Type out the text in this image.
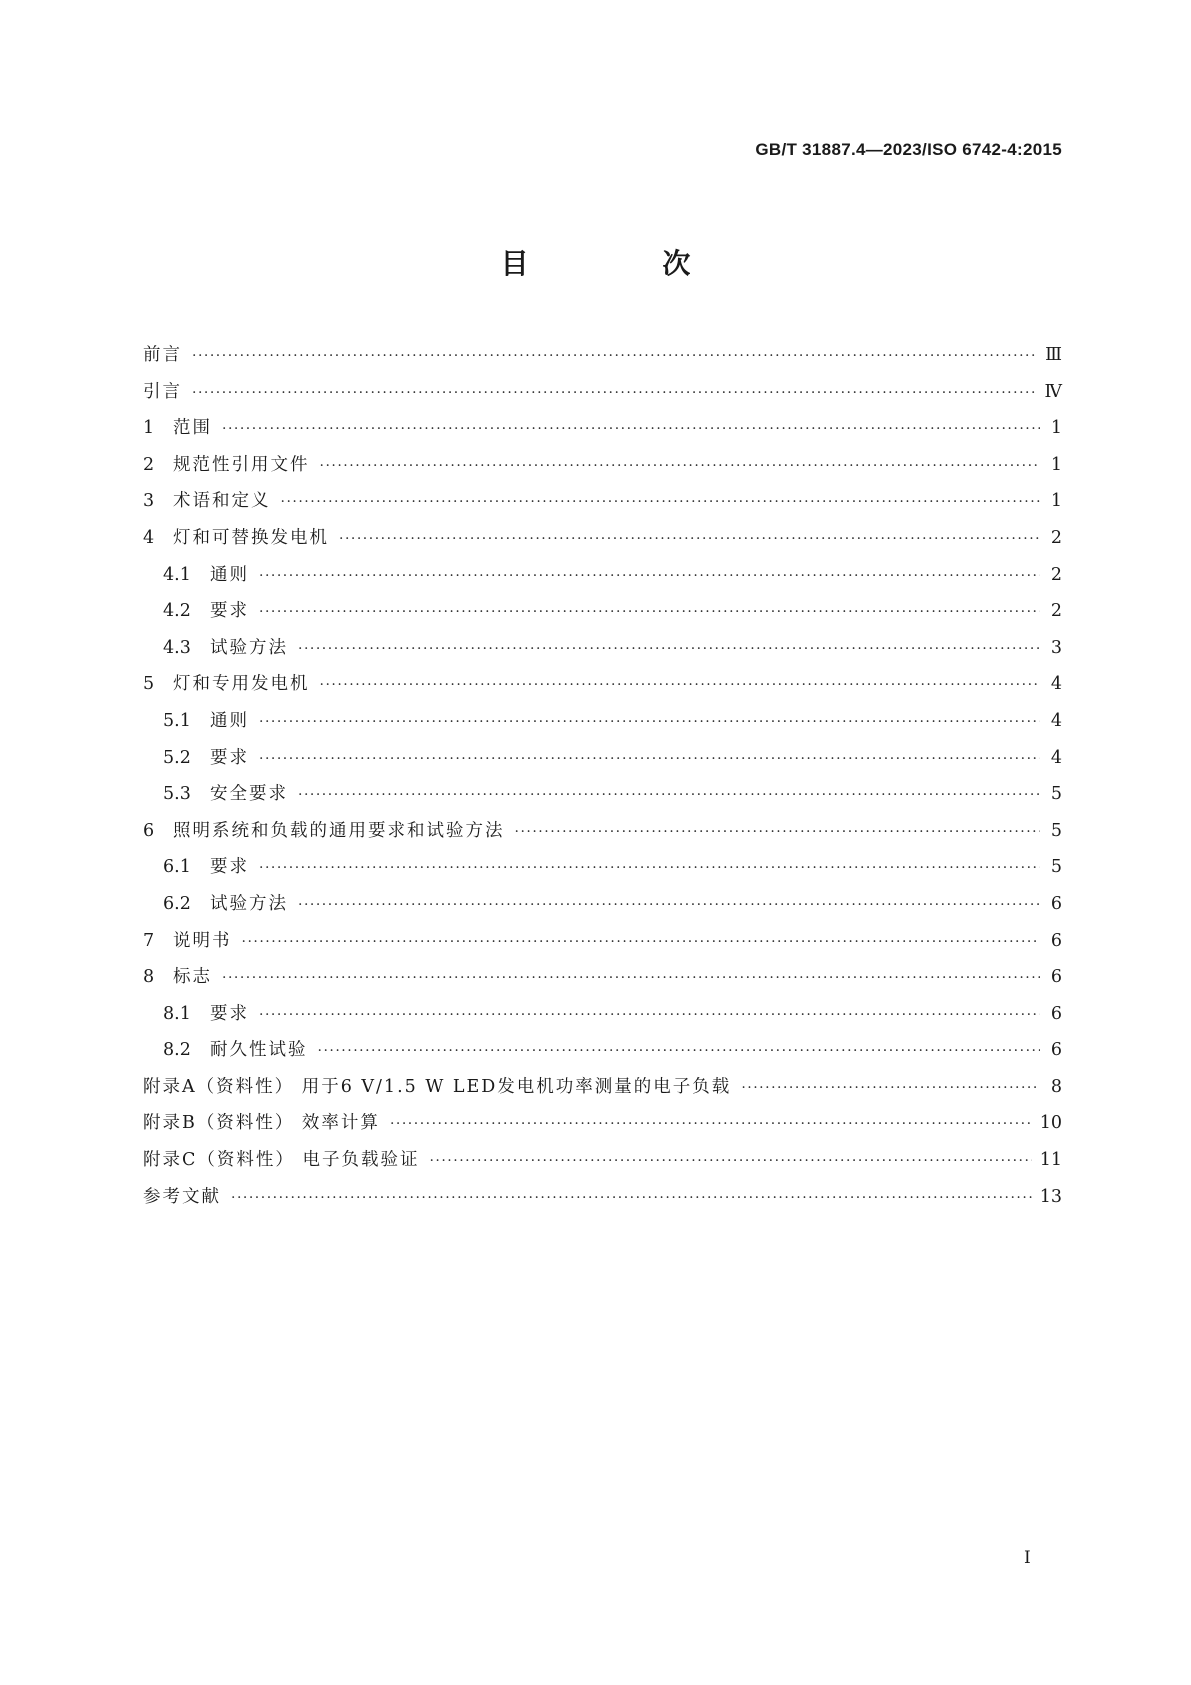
GB/T 31887.4—2023/ISO 6742-4:2015
目 次
前言 ·····	Ⅲ
引言 ·····	Ⅳ
1	范围 ·····	1
2	规范性引用文件 ·····	1
3	术语和定义 ·····	1
4	灯和可替换发电机 ·····	2
4.1	通则 ·····	2
4.2	要求 ·····	2
4.3	试验方法 ·····	3
5	灯和专用发电机 ·····	4
5.1	通则 ·····	4
5.2	要求 ·····	4
5.3	安全要求 ·····	5
6	照明系统和负载的通用要求和试验方法 ·····	5
6.1	要求 ·····	5
6.2	试验方法 ·····	6
7	说明书 ·····	6
8	标志 ·····	6
8.1	要求 ·····	6
8.2	耐久性试验 ·····	6
附录A（资料性） 用于6 V/1.5 W LED发电机功率测量的电子负载 ·····	8
附录B（资料性） 效率计算 ·····	10
附录C（资料性） 电子负载验证 ·····	11
参考文献 ·····	13
I
